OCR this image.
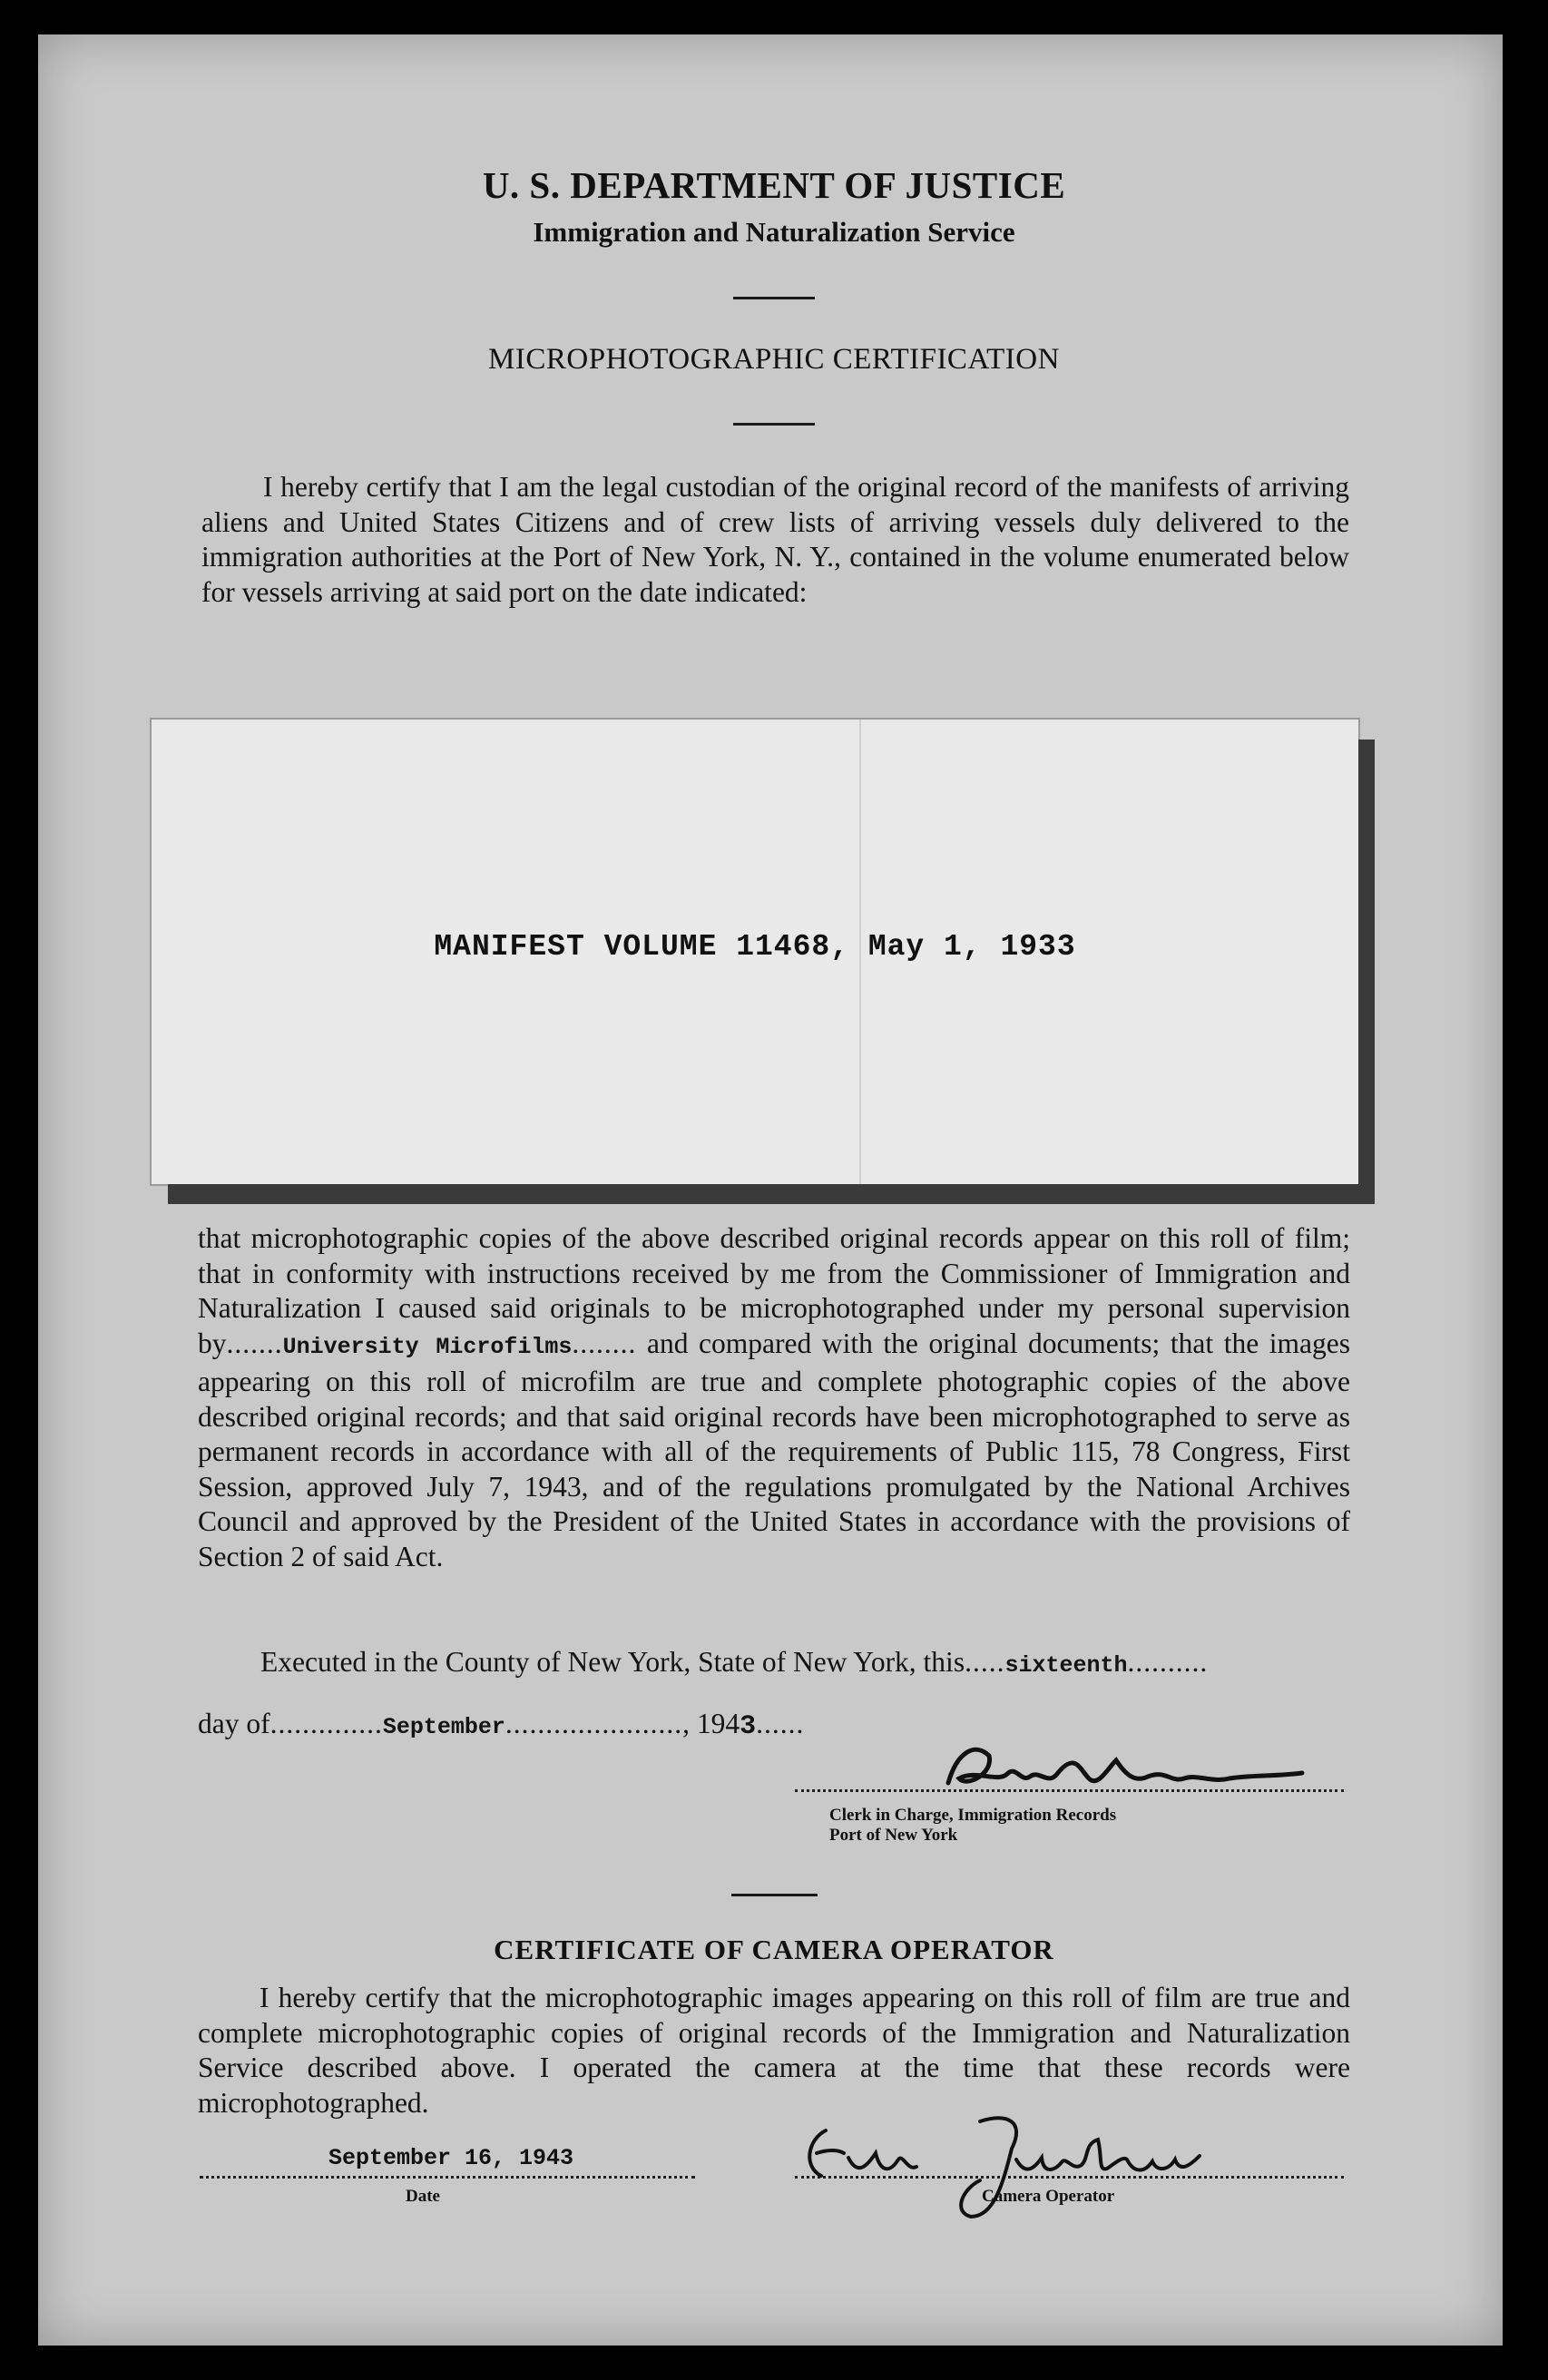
U. S. DEPARTMENT OF JUSTICE
Immigration and Naturalization Service
MICROPHOTOGRAPHIC CERTIFICATION
I hereby certify that I am the legal custodian of the original record of the manifests of arriving aliens and United States Citizens and of crew lists of arriving vessels duly delivered to the immigration authorities at the Port of New York, N. Y., contained in the volume enumerated below for vessels arriving at said port on the date indicated:
MANIFEST VOLUME 11468, May 1, 1933
that microphotographic copies of the above described original records appear on this roll of film; that in conformity with instructions received by me from the Commissioner of Immigration and Naturalization I caused said originals to be microphotographed under my personal supervision by.......University Microfilms........ and compared with the original documents; that the images appearing on this roll of microfilm are true and complete photographic copies of the above described original records; and that said original records have been microphotographed to serve as permanent records in accordance with all of the requirements of Public 115, 78 Congress, First Session, approved July 7, 1943, and of the regulations promulgated by the National Archives Council and approved by the President of the United States in accordance with the provisions of Section 2 of said Act.
Executed in the County of New York, State of New York, this.....sixteenth..........
day of..............September......................, 1943......
Clerk in Charge, Immigration Records
Port of New York
CERTIFICATE OF CAMERA OPERATOR
I hereby certify that the microphotographic images appearing on this roll of film are true and complete microphotographic copies of original records of the Immigration and Naturalization Service described above. I operated the camera at the time that these records were microphotographed.
September 16, 1943
Date	Camera Operator
